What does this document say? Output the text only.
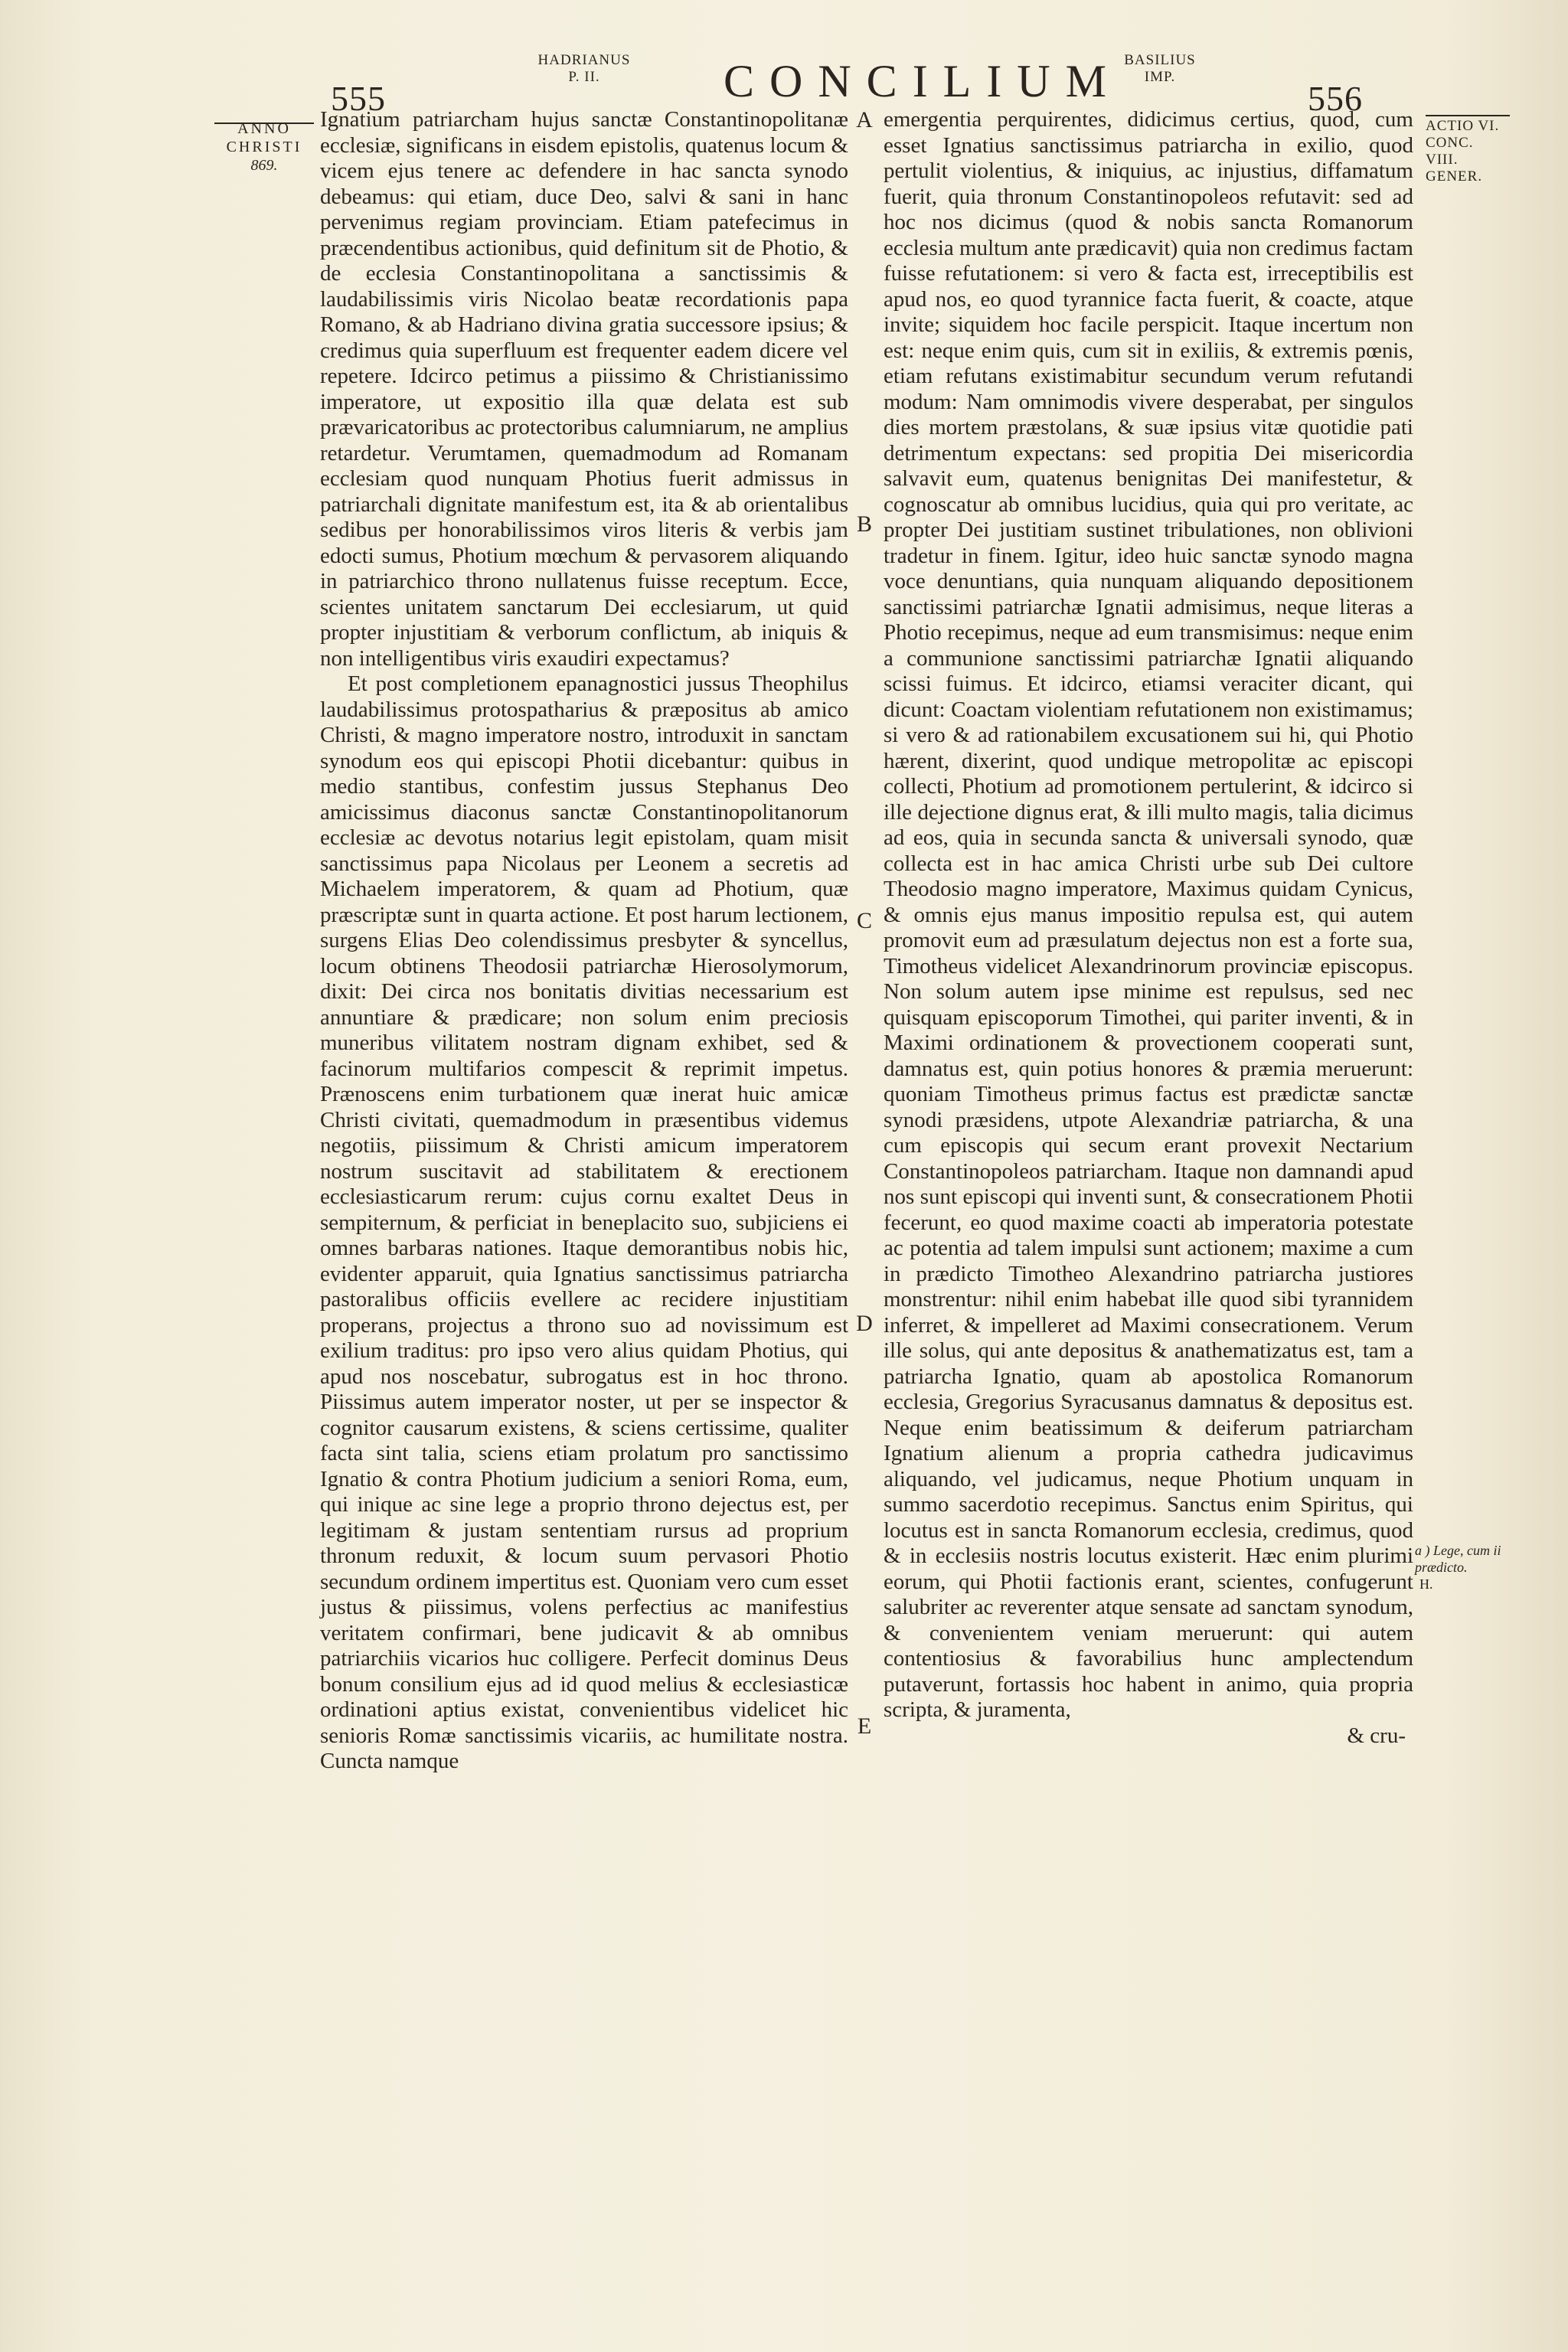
555
HADRIANUS
P. II.	CONCILIUM BASILIUS
IMP.
556
ANNO
CHRISTI
869.
ACTIO VI.
CONC. VIII.
GENER.

Ignatium patriarcham hujus sanctæ Constantinopolitanæ ecclesiæ, significans in eisdem epistolis, quatenus locum & vicem ejus tenere ac defendere in hac sancta synodo debeamus: qui etiam, duce Deo, salvi & sani in hanc pervenimus regiam provinciam. Etiam patefecimus in præcendentibus actionibus, quid definitum sit de Photio, & de ecclesia Constantinopolitana a sanctissimis & laudabilissimis viris Nicolao beatæ recordationis papa Romano, & ab Hadriano divina gratia successore ipsius; & credimus quia superfluum est frequenter eadem dicere vel repetere. Idcirco petimus a piissimo & Christianissimo imperatore, ut expositio illa quæ delata est sub prævaricatoribus ac protectoribus calumniarum, ne amplius retardetur. Verumtamen, quemadmodum ad Romanam ecclesiam quod nunquam Photius fuerit admissus in patriarchali dignitate manifestum est, ita & ab orientalibus sedibus per honorabilissimos viros literis & verbis jam edocti sumus, Photium mœchum & pervasorem aliquando in patriarchico throno nullatenus fuisse receptum. Ecce, scientes unitatem sanctarum Dei ecclesiarum, ut quid propter injustitiam & verborum conflictum, ab iniquis & non intelligentibus viris exaudiri expectamus?

Et post completionem epanagnostici jussus Theophilus laudabilissimus protospatharius & præpositus ab amico Christi, & magno imperatore nostro, introduxit in sanctam synodum eos qui episcopi Photii dicebantur: quibus in medio stantibus, confestim jussus Stephanus Deo amicissimus diaconus sanctæ Constantinopolitanorum ecclesiæ ac devotus notarius legit epistolam, quam misit sanctissimus papa Nicolaus per Leonem a secretis ad Michaelem imperatorem, & quam ad Photium, quæ præscriptæ sunt in quarta actione. Et post harum lectionem, surgens Elias Deo colendissimus presbyter & syncellus, locum obtinens Theodosii patriarchæ Hierosolymorum, dixit: Dei circa nos bonitatis divitias necessarium est annuntiare & prædicare; non solum enim preciosis muneribus vilitatem nostram dignam exhibet, sed & facinorum multifarios compescit & reprimit impetus. Prænoscens enim turbationem quæ inerat huic amicæ Christi civitati, quemadmodum in præsentibus videmus negotiis, piissimum & Christi amicum imperatorem nostrum suscitavit ad stabilitatem & erectionem ecclesiasticarum rerum: cujus cornu exaltet Deus in sempiternum, & perficiat in beneplacito suo, subjiciens ei omnes barbaras nationes. Itaque demorantibus nobis hic, evidenter apparuit, quia Ignatius sanctissimus patriarcha pastoralibus officiis evellere ac recidere injustitiam properans, projectus a throno suo ad novissimum est exilium traditus: pro ipso vero alius quidam Photius, qui apud nos noscebatur, subrogatus est in hoc throno. Piissimus autem imperator noster, ut per se inspector & cognitor causarum existens, & sciens certissime, qualiter facta sint talia, sciens etiam prolatum pro sanctissimo Ignatio & contra Photium judicium a seniori Roma, eum, qui inique ac sine lege a proprio throno dejectus est, per legitimam & justam sententiam rursus ad proprium thronum reduxit, & locum suum pervasori Photio secundum ordinem impertitus est. Quoniam vero cum esset justus & piissimus, volens perfectius ac manifestius veritatem confirmari, bene judicavit & ab omnibus patriarchiis vicarios huc colligere. Perfecit dominus Deus bonum consilium ejus ad id quod melius & ecclesiasticæ ordinationi aptius existat, convenientibus videlicet hic senioris Romæ sanctissimis vicariis, ac humilitate nostra. Cuncta namque

A
B
C
D
E

emergentia perquirentes, didicimus certius, quod, cum esset Ignatius sanctissimus patriarcha in exilio, quod pertulit violentius, & iniquius, ac injustius, diffamatum fuerit, quia thronum Constantinopoleos refutavit: sed ad hoc nos dicimus (quod & nobis sancta Romanorum ecclesia multum ante prædicavit) quia non credimus factam fuisse refutationem: si vero & facta est, irreceptibilis est apud nos, eo quod tyrannice facta fuerit, & coacte, atque invite; siquidem hoc facile perspicit. Itaque incertum non est: neque enim quis, cum sit in exiliis, & extremis pœnis, etiam refutans existimabitur secundum verum refutandi modum: Nam omnimodis vivere desperabat, per singulos dies mortem præstolans, & suæ ipsius vitæ quotidie pati detrimentum expectans: sed propitia Dei misericordia salvavit eum, quatenus benignitas Dei manifestetur, & cognoscatur ab omnibus lucidius, quia qui pro veritate, ac propter Dei justitiam sustinet tribulationes, non oblivioni tradetur in finem. Igitur, ideo huic sanctæ synodo magna voce denuntians, quia nunquam aliquando depositionem sanctissimi patriarchæ Ignatii admisimus, neque literas a Photio recepimus, neque ad eum transmisimus: neque enim a communione sanctissimi patriarchæ Ignatii aliquando scissi fuimus. Et idcirco, etiamsi veraciter dicant, qui dicunt: Coactam violentiam refutationem non existimamus; si vero & ad rationabilem excusationem sui hi, qui Photio hærent, dixerint, quod undique metropolitæ ac episcopi collecti, Photium ad promotionem pertulerint, & idcirco si ille dejectione dignus erat, & illi multo magis, talia dicimus ad eos, quia in secunda sancta & universali synodo, quæ collecta est in hac amica Christi urbe sub Dei cultore Theodosio magno imperatore, Maximus quidam Cynicus, & omnis ejus manus impositio repulsa est, qui autem promovit eum ad præsulatum dejectus non est a forte sua, Timotheus videlicet Alexandrinorum provinciæ episcopus. Non solum autem ipse minime est repulsus, sed nec quisquam episcoporum Timothei, qui pariter inventi, & in Maximi ordinationem & provectionem cooperati sunt, damnatus est, quin potius honores & præmia meruerunt: quoniam Timotheus primus factus est prædictæ sanctæ synodi præsidens, utpote Alexandriæ patriarcha, & una cum episcopis qui secum erant provexit Nectarium Constantinopoleos patriarcham. Itaque non damnandi apud nos sunt episcopi qui inventi sunt, & consecrationem Photii fecerunt, eo quod maxime coacti ab imperatoria potestate ac potentia ad talem impulsi sunt actionem; maxime a cum in prædicto Timotheo Alexandrino patriarcha justiores monstrentur: nihil enim habebat ille quod sibi tyrannidem inferret, & impelleret ad Maximi consecrationem. Verum ille solus, qui ante depositus & anathematizatus est, tam a patriarcha Ignatio, quam ab apostolica Romanorum ecclesia, Gregorius Syracusanus damnatus & depositus est. Neque enim beatissimum & deiferum patriarcham Ignatium alienum a propria cathedra judicavimus aliquando, vel judicamus, neque Photium unquam in summo sacerdotio recepimus. Sanctus enim Spiritus, qui locutus est in sancta Romanorum ecclesia, credimus, quod & in ecclesiis nostris locutus existerit. Hæc enim plurimi eorum, qui Photii factionis erant, scientes, confugerunt salubriter ac reverenter atque sensate ad sanctam synodum, & convenientem veniam meruerunt: qui autem contentiosius & favorabilius hunc amplectendum putaverunt, fortassis hoc habent in animo, quia propria scripta, & juramenta,

& cru-
a ) Lege, cum ii prædicto.
H.
